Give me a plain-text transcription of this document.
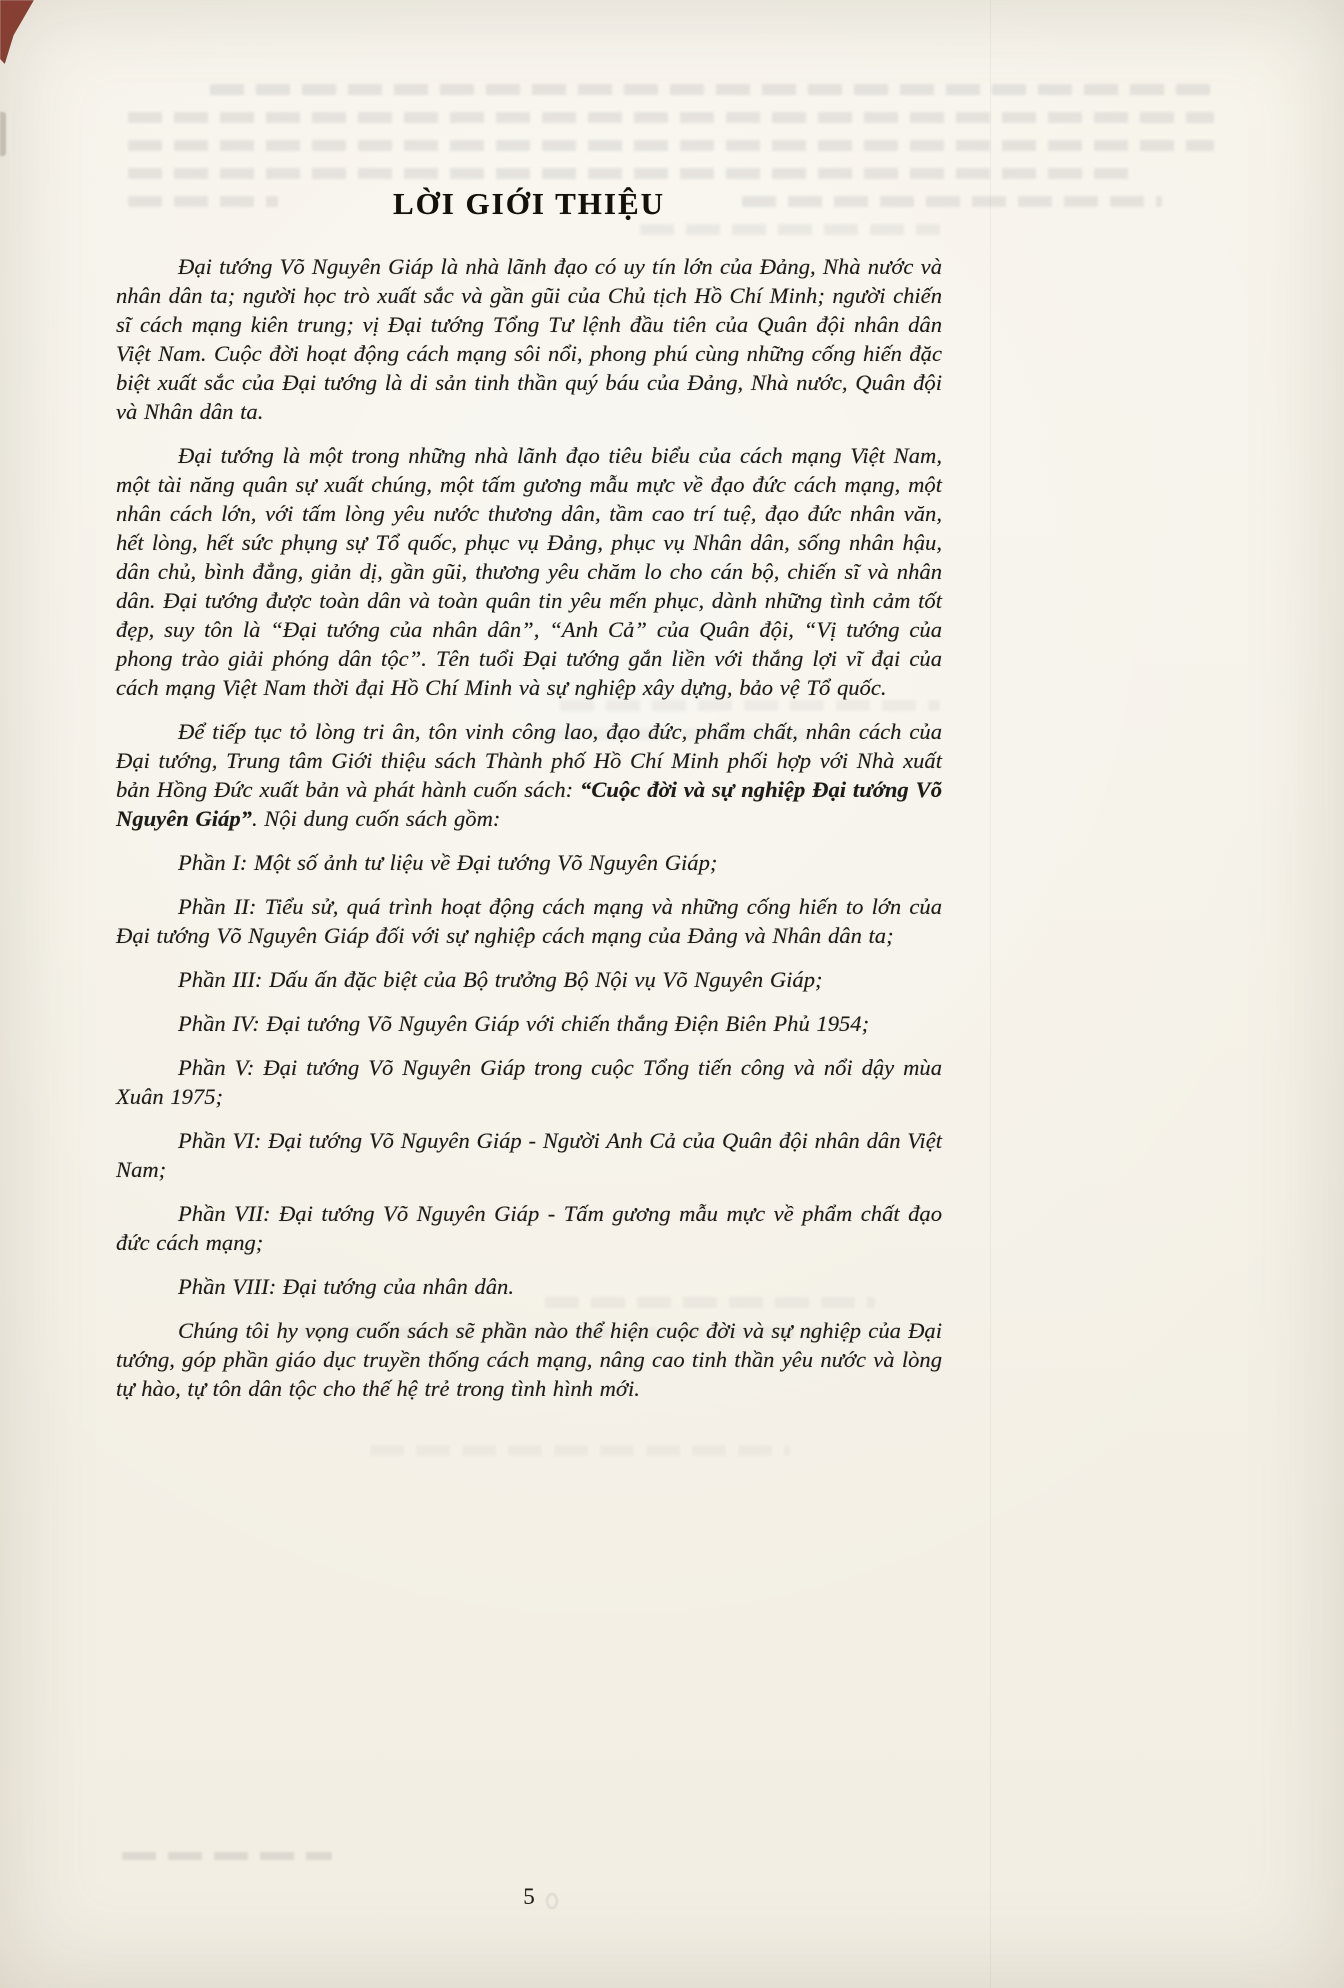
LỜI GIỚI THIỆU

Đại tướng Võ Nguyên Giáp là nhà lãnh đạo có uy tín lớn của Đảng, Nhà nước và nhân dân ta; người học trò xuất sắc và gần gũi của Chủ tịch Hồ Chí Minh; người chiến sĩ cách mạng kiên trung; vị Đại tướng Tổng Tư lệnh đầu tiên của Quân đội nhân dân Việt Nam. Cuộc đời hoạt động cách mạng sôi nổi, phong phú cùng những cống hiến đặc biệt xuất sắc của Đại tướng là di sản tinh thần quý báu của Đảng, Nhà nước, Quân đội và Nhân dân ta.

Đại tướng là một trong những nhà lãnh đạo tiêu biểu của cách mạng Việt Nam, một tài năng quân sự xuất chúng, một tấm gương mẫu mực về đạo đức cách mạng, một nhân cách lớn, với tấm lòng yêu nước thương dân, tầm cao trí tuệ, đạo đức nhân văn, hết lòng, hết sức phụng sự Tổ quốc, phục vụ Đảng, phục vụ Nhân dân, sống nhân hậu, dân chủ, bình đẳng, giản dị, gần gũi, thương yêu chăm lo cho cán bộ, chiến sĩ và nhân dân. Đại tướng được toàn dân và toàn quân tin yêu mến phục, dành những tình cảm tốt đẹp, suy tôn là “Đại tướng của nhân dân”, “Anh Cả” của Quân đội, “Vị tướng của phong trào giải phóng dân tộc”. Tên tuổi Đại tướng gắn liền với thắng lợi vĩ đại của cách mạng Việt Nam thời đại Hồ Chí Minh và sự nghiệp xây dựng, bảo vệ Tổ quốc.

Để tiếp tục tỏ lòng tri ân, tôn vinh công lao, đạo đức, phẩm chất, nhân cách của Đại tướng, Trung tâm Giới thiệu sách Thành phố Hồ Chí Minh phối hợp với Nhà xuất bản Hồng Đức xuất bản và phát hành cuốn sách: “Cuộc đời và sự nghiệp Đại tướng Võ Nguyên Giáp”. Nội dung cuốn sách gồm:

Phần I: Một số ảnh tư liệu về Đại tướng Võ Nguyên Giáp;

Phần II: Tiểu sử, quá trình hoạt động cách mạng và những cống hiến to lớn của Đại tướng Võ Nguyên Giáp đối với sự nghiệp cách mạng của Đảng và Nhân dân ta;

Phần III: Dấu ấn đặc biệt của Bộ trưởng Bộ Nội vụ Võ Nguyên Giáp;

Phần IV: Đại tướng Võ Nguyên Giáp với chiến thắng Điện Biên Phủ 1954;

Phần V: Đại tướng Võ Nguyên Giáp trong cuộc Tổng tiến công và nổi dậy mùa Xuân 1975;

Phần VI: Đại tướng Võ Nguyên Giáp - Người Anh Cả của Quân đội nhân dân Việt Nam;

Phần VII: Đại tướng Võ Nguyên Giáp - Tấm gương mẫu mực về phẩm chất đạo đức cách mạng;

Phần VIII: Đại tướng của nhân dân.

Chúng tôi hy vọng cuốn sách sẽ phần nào thể hiện cuộc đời và sự nghiệp của Đại tướng, góp phần giáo dục truyền thống cách mạng, nâng cao tinh thần yêu nước và lòng tự hào, tự tôn dân tộc cho thế hệ trẻ trong tình hình mới.

5
